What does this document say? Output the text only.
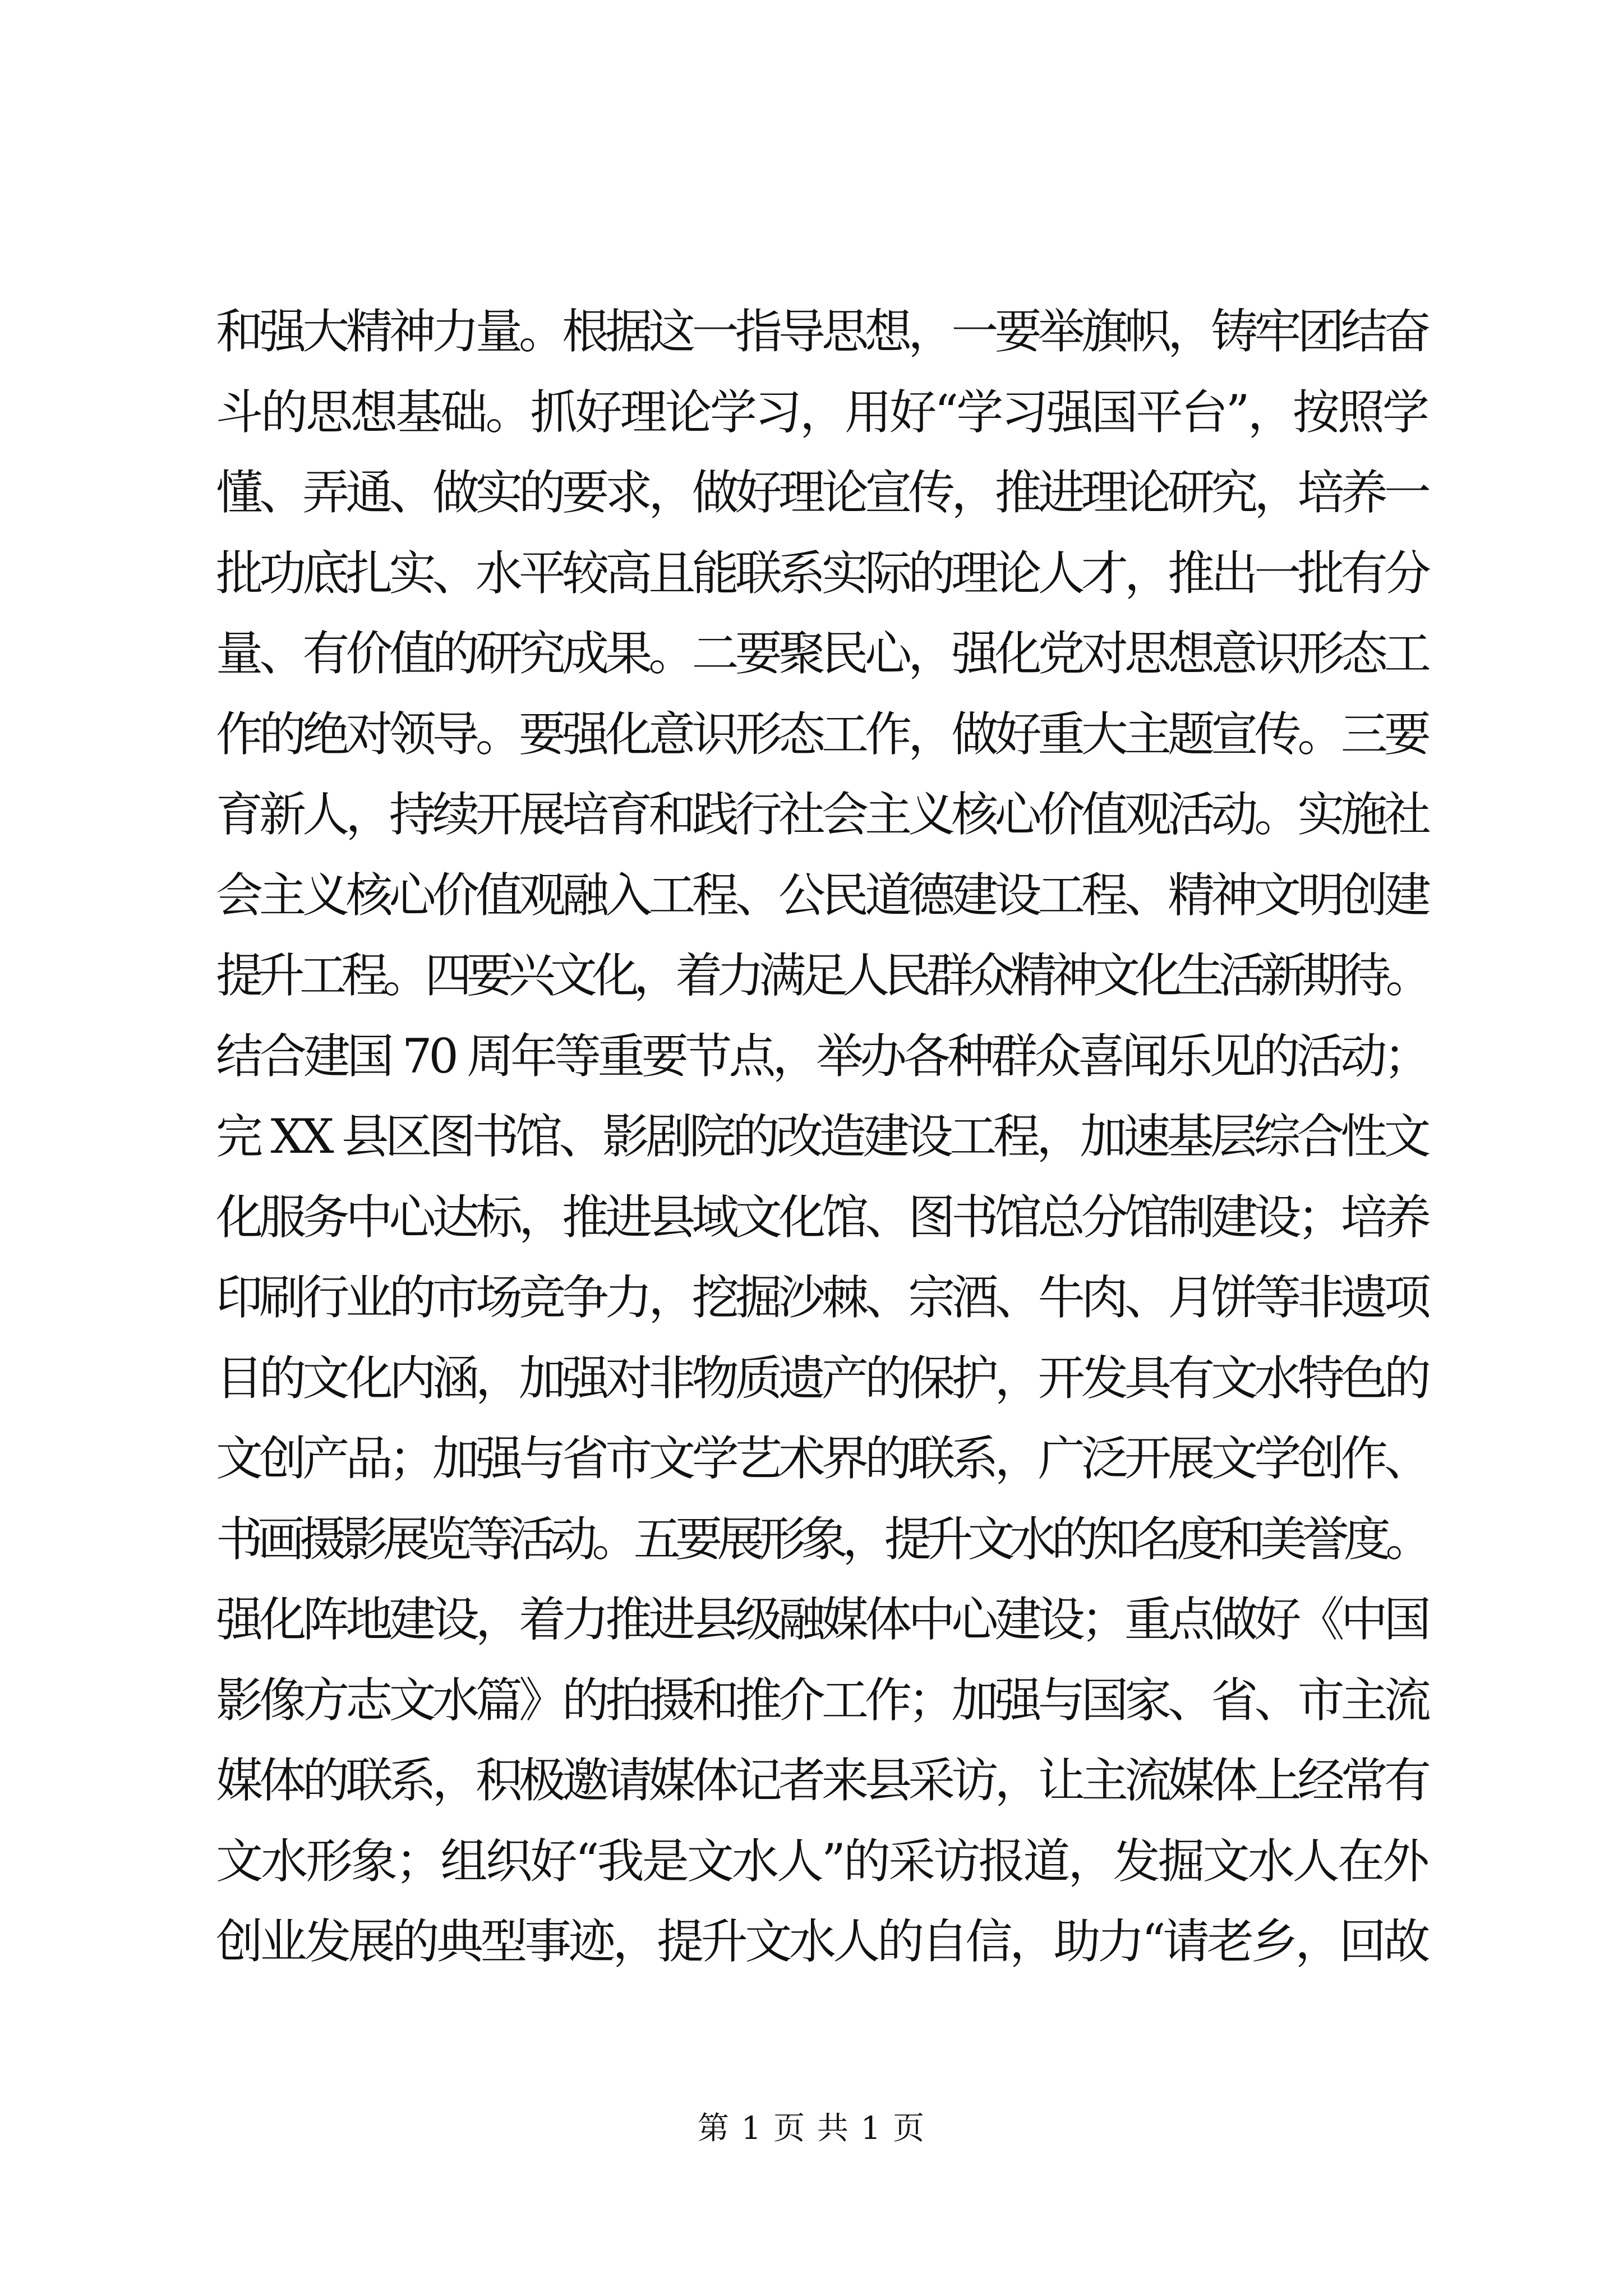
和强大精神力量。根据这一指导思想，一要举旗帜，铸牢团结奋
斗的思想基础。抓好理论学习，用好“学习强国平台”，按照学
懂、弄通、做实的要求，做好理论宣传，推进理论研究，培养一
批功底扎实、水平较高且能联系实际的理论人才，推出一批有分
量、有价值的研究成果。二要聚民心，强化党对思想意识形态工
作的绝对领导。要强化意识形态工作，做好重大主题宣传。三要
育新人，持续开展培育和践行社会主义核心价值观活动。实施社
会主义核心价值观融入工程、公民道德建设工程、精神文明创建
提升工程。四要兴文化，着力满足人民群众精神文化生活新期待。
结合建国 70 周年等重要节点，举办各种群众喜闻乐见的活动；
完 XX 县区图书馆、影剧院的改造建设工程，加速基层综合性文
化服务中心达标，推进县域文化馆、图书馆总分馆制建设；培养
印刷行业的市场竞争力，挖掘沙棘、宗酒、牛肉、月饼等非遗项
目的文化内涵，加强对非物质遗产的保护，开发具有文水特色的
文创产品；加强与省市文学艺术界的联系，广泛开展文学创作、
书画摄影展览等活动。五要展形象，提升文水的知名度和美誉度。
强化阵地建设，着力推进县级融媒体中心建设；重点做好《中国
影像方志文水篇》的拍摄和推介工作；加强与国家、省、市主流
媒体的联系，积极邀请媒体记者来县采访，让主流媒体上经常有
文水形象；组织好“我是文水人”的采访报道，发掘文水人在外
创业发展的典型事迹，提升文水人的自信，助力“请老乡，回故
第 1 页 共 1 页
